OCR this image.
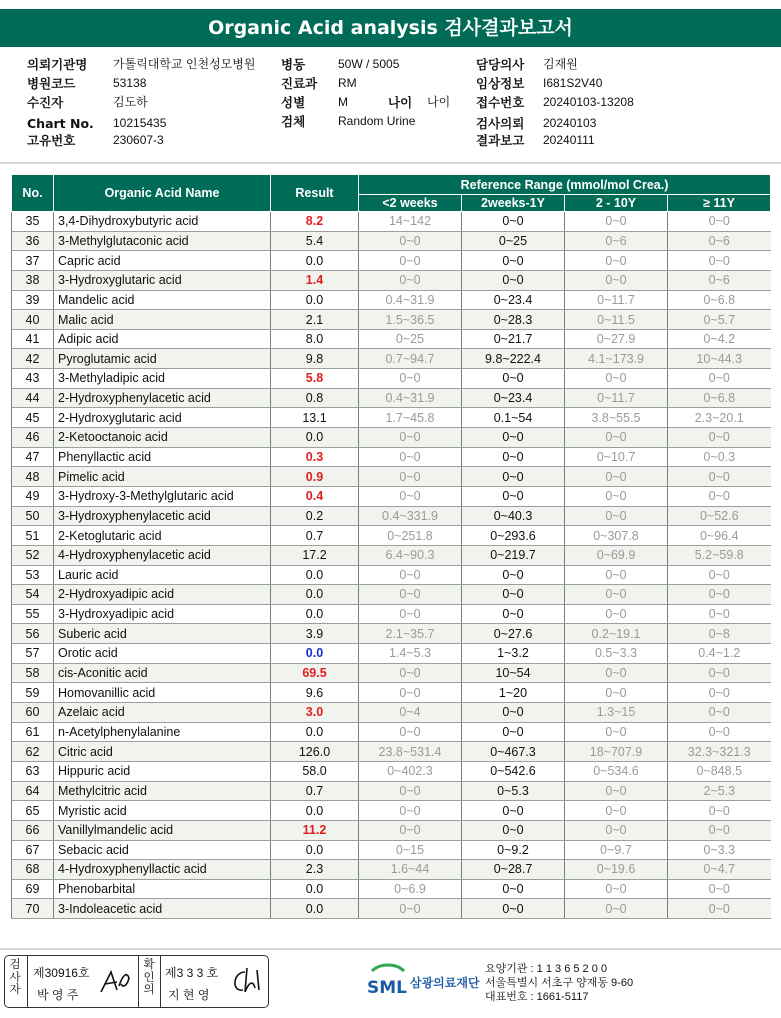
Organic Acid analysis 검사결과보고서
의뢰기관명 가톨릭대학교 인천성모병원
병원코드	53138
수진자	김도하
Chart No. 10215435
고유번호	230607-3
병동	50W / 5005
진료과 RM
성별	M	나이 나이
검체	Random Urine
담당의사 김재원
임상정보 I681S2V40
접수번호 20240103-13208
검사의뢰 20240103
결과보고 20240111
No.	Organic Acid Name	Result	Reference Range (mmol/mol Crea.)			
			<2 weeks	2weeks-1Y	2 - 10Y	≥ 11Y
35	3,4-Dihydroxybutyric acid	8.2	14~142	0~0	0~0	0~0
36	3-Methylglutaconic acid	5.4	0~0	0~25	0~6	0~6
37	Capric acid	0.0	0~0	0~0	0~0	0~0
38	3-Hydroxyglutaric acid	1.4	0~0	0~0	0~0	0~6
39	Mandelic acid	0.0	0.4~31.9	0~23.4	0~11.7	0~6.8
40	Malic acid	2.1	1.5~36.5	0~28.3	0~11.5	0~5.7
41	Adipic acid	8.0	0~25	0~21.7	0~27.9	0~4.2
42	Pyroglutamic acid	9.8	0.7~94.7	9.8~222.4	4.1~173.9	10~44.3
43	3-Methyladipic acid	5.8	0~0	0~0	0~0	0~0
44	2-Hydroxyphenylacetic acid	0.8	0.4~31.9	0~23.4	0~11.7	0~6.8
45	2-Hydroxyglutaric acid	13.1	1.7~45.8	0.1~54	3.8~55.5	2.3~20.1
46	2-Ketooctanoic acid	0.0	0~0	0~0	0~0	0~0
47	Phenyllactic acid	0.3	0~0	0~0	0~10.7	0~0.3
48	Pimelic acid	0.9	0~0	0~0	0~0	0~0
49	3-Hydroxy-3-Methylglutaric acid	0.4	0~0	0~0	0~0	0~0
50	3-Hydroxyphenylacetic acid	0.2	0.4~331.9	0~40.3	0~0	0~52.6
51	2-Ketoglutaric acid	0.7	0~251.8	0~293.6	0~307.8	0~96.4
52	4-Hydroxyphenylacetic acid	17.2	6.4~90.3	0~219.7	0~69.9	5.2~59.8
53	Lauric acid	0.0	0~0	0~0	0~0	0~0
54	2-Hydroxyadipic acid	0.0	0~0	0~0	0~0	0~0
55	3-Hydroxyadipic acid	0.0	0~0	0~0	0~0	0~0
56	Suberic acid	3.9	2.1~35.7	0~27.6	0.2~19.1	0~8
57	Orotic acid	0.0	1.4~5.3	1~3.2	0.5~3.3	0.4~1.2
58	cis-Aconitic acid	69.5	0~0	10~54	0~0	0~0
59	Homovanillic acid	9.6	0~0	1~20	0~0	0~0
60	Azelaic acid	3.0	0~4	0~0	1.3~15	0~0
61	n-Acetylphenylalanine	0.0	0~0	0~0	0~0	0~0
62	Citric acid	126.0	23.8~531.4	0~467.3	18~707.9	32.3~321.3
63	Hippuric acid	58.0	0~402.3	0~542.6	0~534.6	0~848.5
64	Methylcitric acid	0.7	0~0	0~5.3	0~0	2~5.3
65	Myristic acid	0.0	0~0	0~0	0~0	0~0
66	Vanillylmandelic acid	11.2	0~0	0~0	0~0	0~0
67	Sebacic acid	0.0	0~15	0~9.2	0~9.7	0~3.3
68	4-Hydroxyphenyllactic acid	2.3	1.6~44	0~28.7	0~19.6	0~4.7
69	Phenobarbital	0.0	0~6.9	0~0	0~0	0~0
70	3-Indoleacetic acid	0.0	0~0	0~0	0~0	0~0
검사자
제30916호
박 영 주
확인의
제3 3 3 호
지 현 영	SML 삼광의료재단
요양기관 : 1 1 3 6 5 2 0 0
서울특별시 서초구 양재동 9-60
대표번호 : 1661-5117
